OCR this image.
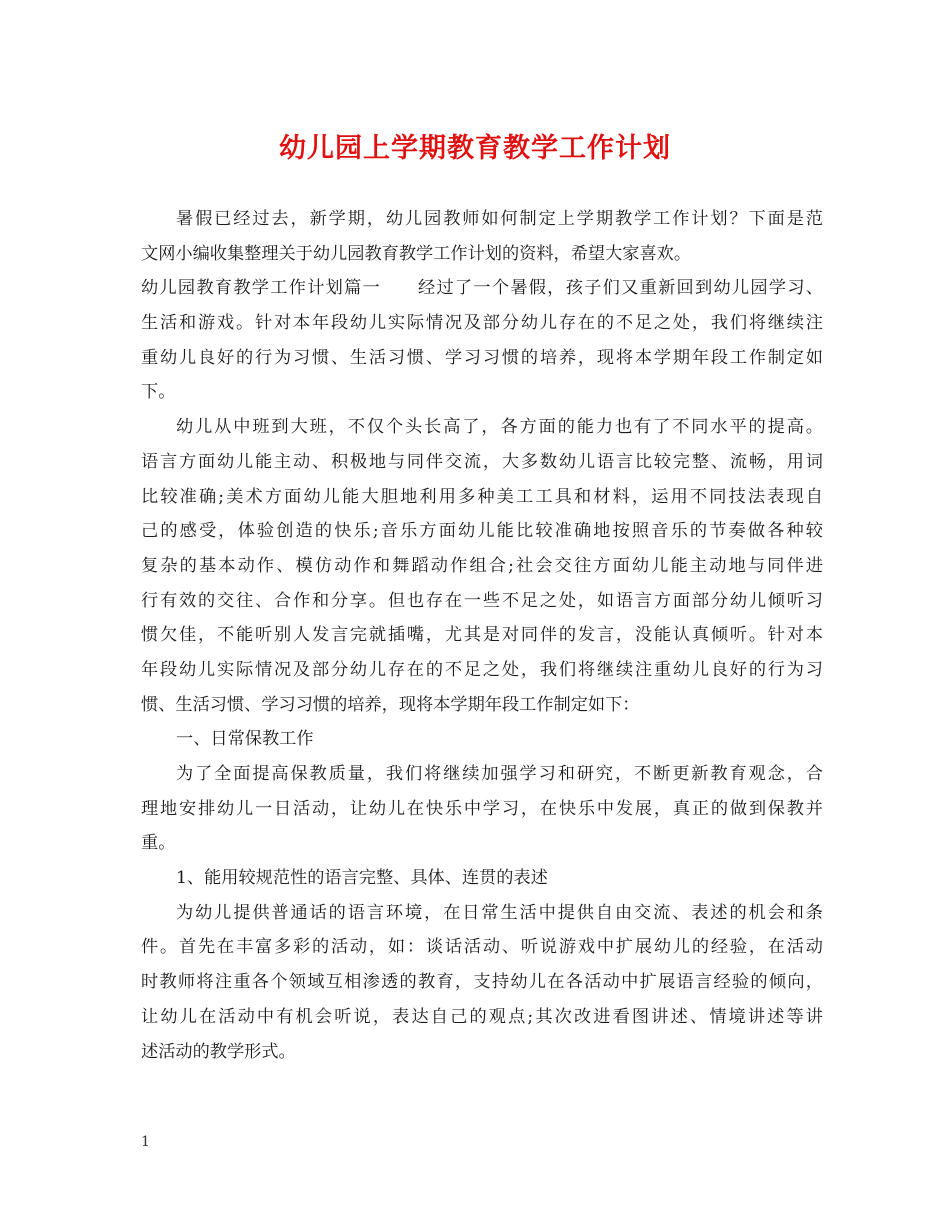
幼儿园上学期教育教学工作计划
暑假已经过去，新学期，幼儿园教师如何制定上学期教学工作计划？下面是范
文网小编收集整理关于幼儿园教育教学工作计划的资料，希望大家喜欢。
幼儿园教育教学工作计划篇一　　经过了一个暑假，孩子们又重新回到幼儿园学习、
生活和游戏。针对本年段幼儿实际情况及部分幼儿存在的不足之处，我们将继续注
重幼儿良好的行为习惯、生活习惯、学习习惯的培养，现将本学期年段工作制定如
下。
幼儿从中班到大班，不仅个头长高了，各方面的能力也有了不同水平的提高。
语言方面幼儿能主动、积极地与同伴交流，大多数幼儿语言比较完整、流畅，用词
比较准确;美术方面幼儿能大胆地利用多种美工工具和材料，运用不同技法表现自
己的感受，体验创造的快乐;音乐方面幼儿能比较准确地按照音乐的节奏做各种较
复杂的基本动作、模仿动作和舞蹈动作组合;社会交往方面幼儿能主动地与同伴进
行有效的交往、合作和分享。但也存在一些不足之处，如语言方面部分幼儿倾听习
惯欠佳，不能听别人发言完就插嘴，尤其是对同伴的发言，没能认真倾听。针对本
年段幼儿实际情况及部分幼儿存在的不足之处，我们将继续注重幼儿良好的行为习
惯、生活习惯、学习习惯的培养，现将本学期年段工作制定如下：
一、日常保教工作
为了全面提高保教质量，我们将继续加强学习和研究，不断更新教育观念，合
理地安排幼儿一日活动，让幼儿在快乐中学习，在快乐中发展，真正的做到保教并
重。
1、能用较规范性的语言完整、具体、连贯的表述
为幼儿提供普通话的语言环境，在日常生活中提供自由交流、表述的机会和条
件。首先在丰富多彩的活动，如：谈话活动、听说游戏中扩展幼儿的经验，在活动
时教师将注重各个领域互相渗透的教育，支持幼儿在各活动中扩展语言经验的倾向，
让幼儿在活动中有机会听说，表达自己的观点;其次改进看图讲述、情境讲述等讲
述活动的教学形式。
1
